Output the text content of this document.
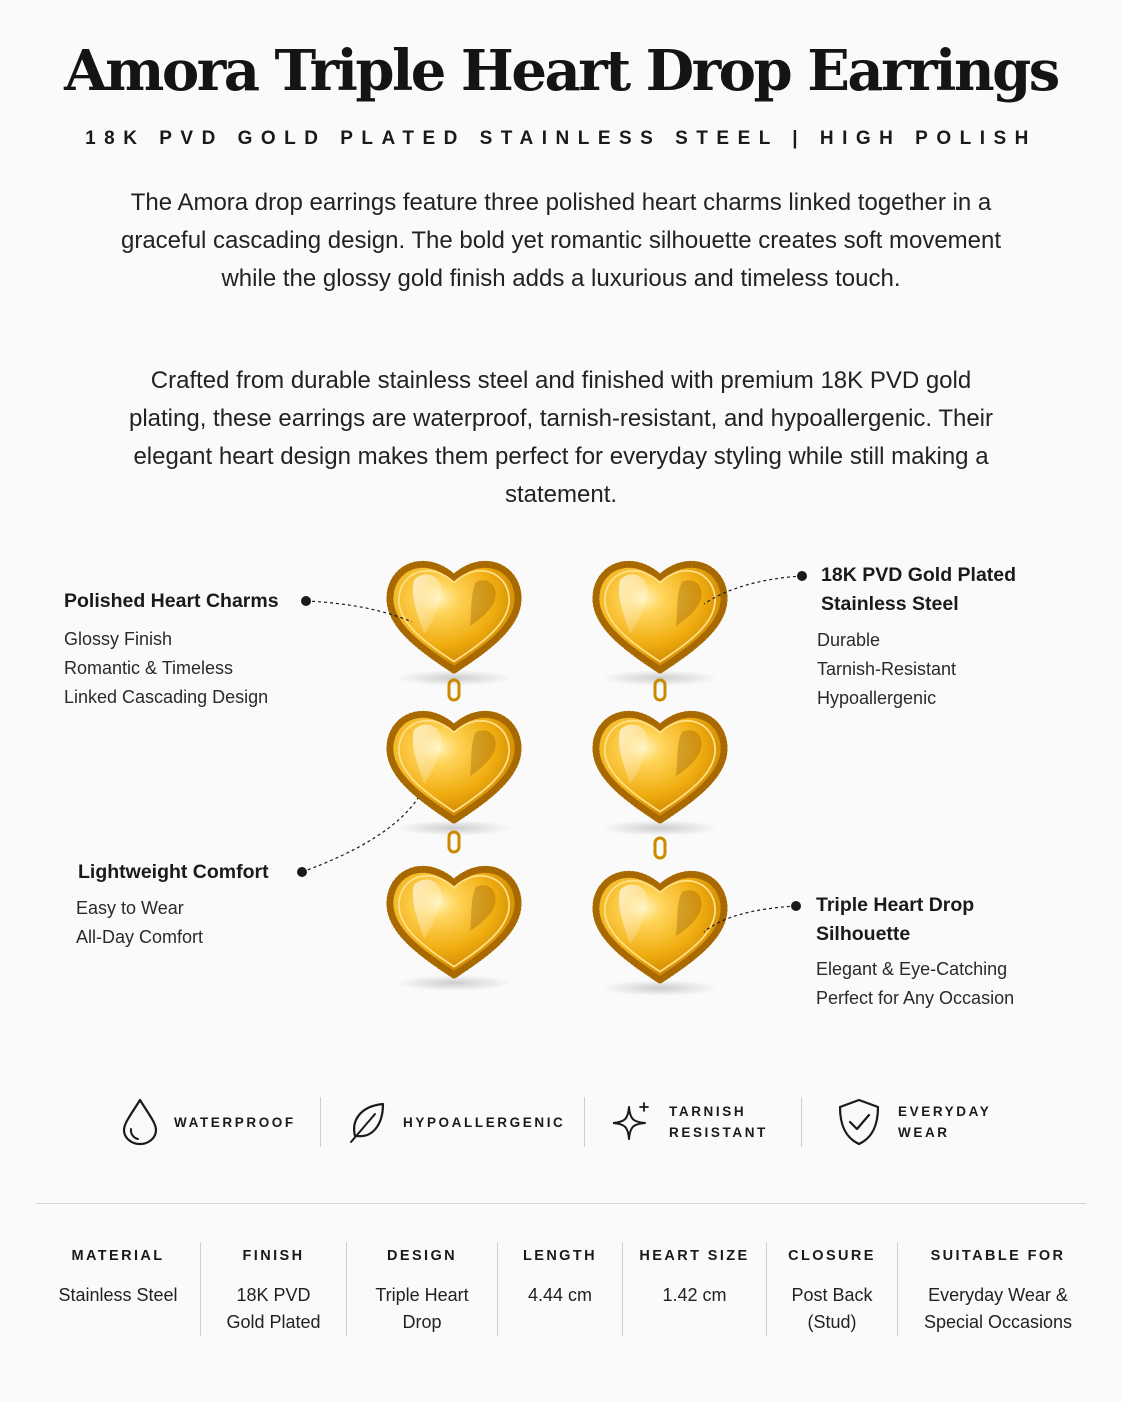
Amora Triple Heart Drop Earrings
18K PVD GOLD PLATED STAINLESS STEEL | HIGH POLISH

The Amora drop earrings feature three polished heart charms linked together in a graceful cascading design. The bold yet romantic silhouette creates soft movement while the glossy gold finish adds a luxurious and timeless touch.

Crafted from durable stainless steel and finished with premium 18K PVD gold plating, these earrings are waterproof, tarnish-resistant, and hypoallergenic. Their elegant heart design makes them perfect for everyday styling while still making a statement.

Polished Heart Charms
Glossy Finish
Romantic & Timeless
Linked Cascading Design
Lightweight Comfort
Easy to Wear
All-Day Comfort
18K PVD Gold Plated
Stainless Steel
Durable
Tarnish-Resistant
Hypoallergenic
Triple Heart Drop
Silhouette
Elegant & Eye-Catching
Perfect for Any Occasion
WATERPROOF	HYPOALLERGENIC
TARNISH
RESISTANT
EVERYDAY
WEAR
MATERIAL
Stainless Steel
FINISH
18K PVD
Gold Plated
DESIGN
Triple Heart
Drop
LENGTH
4.44 cm
HEART SIZE
1.42 cm
CLOSURE
Post Back
(Stud)
SUITABLE FOR
Everyday Wear &
Special Occasions
